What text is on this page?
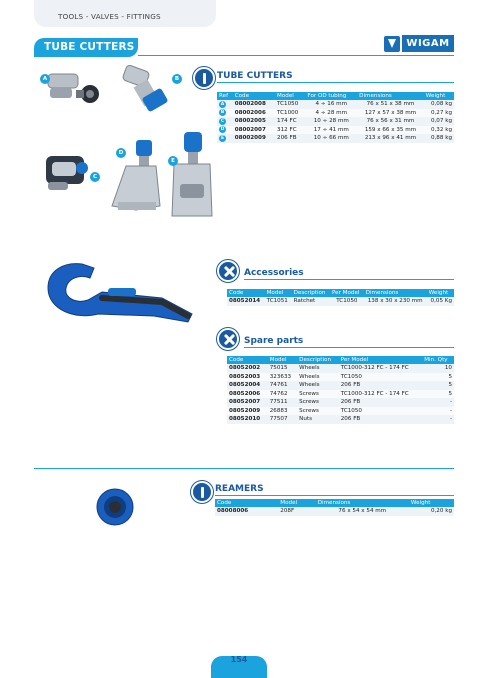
TOOLS - VALVES - FITTINGS
TUBE CUTTERS	WIGAM
A	B
C
D
E
TUBE CUTTERS
Ref	Code	Model	For OD tubing	Dimensions	Weight
A	08002008	TC1050	4 ÷ 16 mm	76 x 51 x 38 mm	0,08 kg
B	08002006	TC1000	4 ÷ 28 mm	127 x 57 x 38 mm	0,27 kg
C	08002005	174 FC	10 ÷ 28 mm	76 x 56 x 31 mm	0,07 kg
D	08002007	312 FC	17 ÷ 41 mm	159 x 66 x 35 mm	0,32 kg
E	08002009	206 FB	10 ÷ 66 mm	213 x 96 x 41 mm	0,88 kg
Accessories
Code	Model	Description	Per Model	Dimensions	Weight
08052014	TC1051	Ratchet	TC1050	138 x 30 x 230 mm	0,05 Kg
Spare parts
Code	Model	Description	Per Model	Min. Qty
08052002	75015	Wheels	TC1000-312 FC - 174 FC	10
08052003	323633	Wheels	TC1050	5
08052004	74761	Wheels	206 FB	5
08052006	74762	Screws	TC1000-312 FC - 174 FC	5
08052007	77511	Screws	206 FB	-
08052009	26883	Screws	TC1050	-
08052010	77507	Nuts	206 FB	-
REAMERS
Code	Model	Dimensions	Weight
08008006	208F	76 x 54 x 54 mm	0,20 kg
154
